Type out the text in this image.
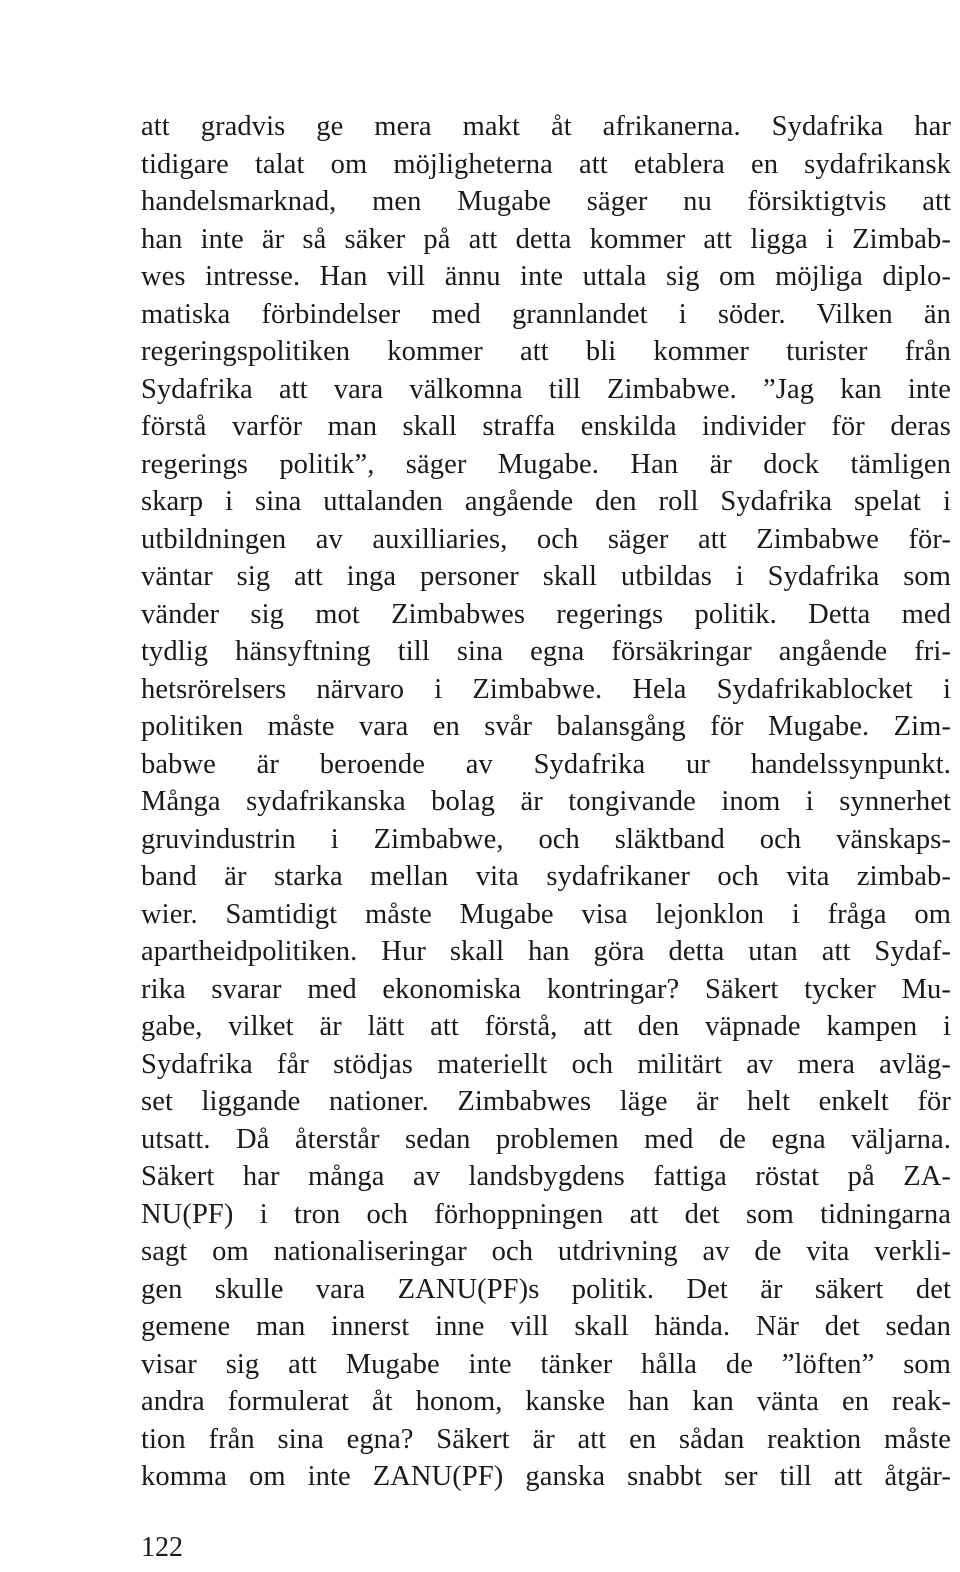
att gradvis ge mera makt åt afrikanerna. Sydafrika har
tidigare talat om möjligheterna att etablera en sydafrikansk
handelsmarknad, men Mugabe säger nu försiktigtvis att
han inte är så säker på att detta kommer att ligga i Zimbab-
wes intresse. Han vill ännu inte uttala sig om möjliga diplo-
matiska förbindelser med grannlandet i söder. Vilken än
regeringspolitiken kommer att bli kommer turister från
Sydafrika att vara välkomna till Zimbabwe. ”Jag kan inte
förstå varför man skall straffa enskilda individer för deras
regerings politik”, säger Mugabe. Han är dock tämligen
skarp i sina uttalanden angående den roll Sydafrika spelat i
utbildningen av auxilliaries, och säger att Zimbabwe för-
väntar sig att inga personer skall utbildas i Sydafrika som
vänder sig mot Zimbabwes regerings politik. Detta med
tydlig hänsyftning till sina egna försäkringar angående fri-
hetsrörelsers närvaro i Zimbabwe. Hela Sydafrikablocket i
politiken måste vara en svår balansgång för Mugabe. Zim-
babwe är beroende av Sydafrika ur handelssynpunkt.
Många sydafrikanska bolag är tongivande inom i synnerhet
gruvindustrin i Zimbabwe, och släktband och vänskaps-
band är starka mellan vita sydafrikaner och vita zimbab-
wier. Samtidigt måste Mugabe visa lejonklon i fråga om
apartheidpolitiken. Hur skall han göra detta utan att Sydaf-
rika svarar med ekonomiska kontringar? Säkert tycker Mu-
gabe, vilket är lätt att förstå, att den väpnade kampen i
Sydafrika får stödjas materiellt och militärt av mera avläg-
set liggande nationer. Zimbabwes läge är helt enkelt för
utsatt. Då återstår sedan problemen med de egna väljarna.
Säkert har många av landsbygdens fattiga röstat på ZA-
NU(PF) i tron och förhoppningen att det som tidningarna
sagt om nationaliseringar och utdrivning av de vita verkli-
gen skulle vara ZANU(PF)s politik. Det är säkert det
gemene man innerst inne vill skall hända. När det sedan
visar sig att Mugabe inte tänker hålla de ”löften” som
andra formulerat åt honom, kanske han kan vänta en reak-
tion från sina egna? Säkert är att en sådan reaktion måste
komma om inte ZANU(PF) ganska snabbt ser till att åtgär-
122
